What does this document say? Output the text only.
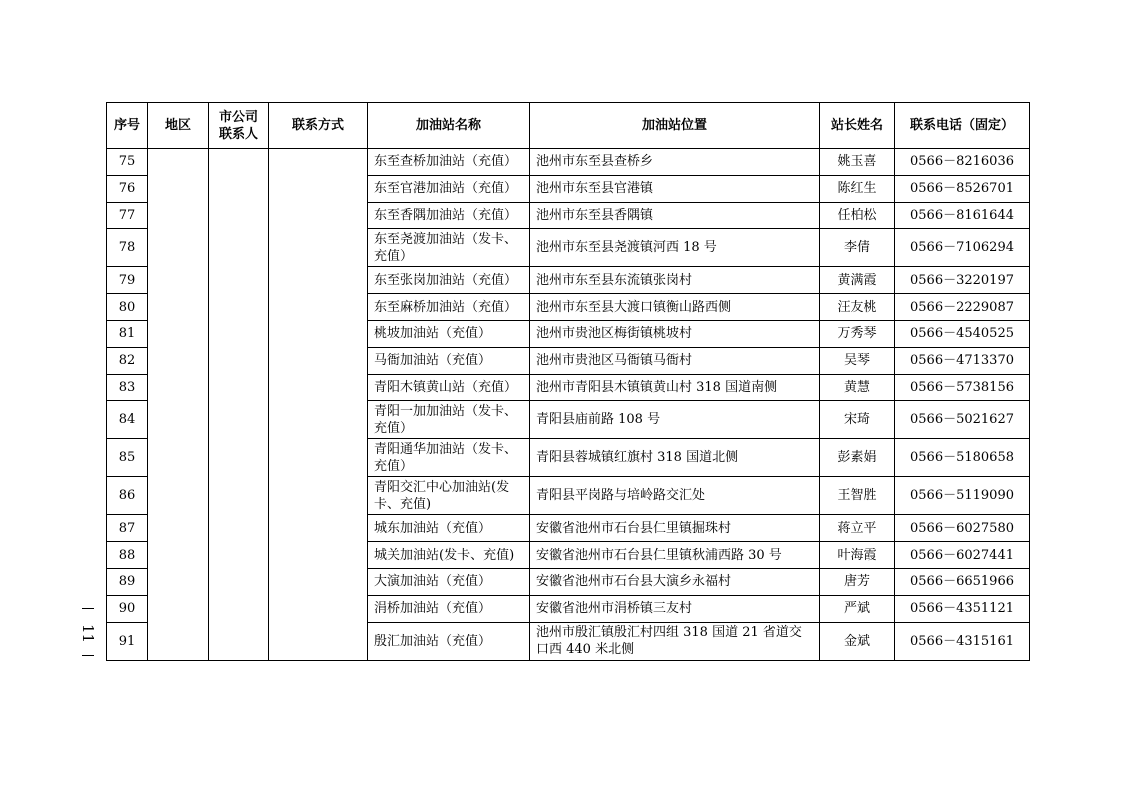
序号	地区	市公司联系人	联系方式	加油站名称	加油站位置	站长姓名	联系电话（固定）
75				东至查桥加油站（充值）	池州市东至县查桥乡	姚玉喜	0566－8216036
76				东至官港加油站（充值）	池州市东至县官港镇	陈红生	0566－8526701
77				东至香隅加油站（充值）	池州市东至县香隅镇	任柏松	0566－8161644
78				东至尧渡加油站（发卡、充值）	池州市东至县尧渡镇河西 18 号	李倩	0566－7106294
79				东至张岗加油站（充值）	池州市东至县东流镇张岗村	黄满霞	0566－3220197
80				东至麻桥加油站（充值）	池州市东至县大渡口镇衡山路西侧	汪友桃	0566－2229087
81				桃坡加油站（充值）	池州市贵池区梅街镇桃坡村	万秀琴	0566－4540525
82				马衙加油站（充值）	池州市贵池区马衙镇马衙村	吴琴	0566－4713370
83				青阳木镇黄山站（充值）	池州市青阳县木镇镇黄山村 318 国道南侧	黄慧	0566－5738156
84				青阳一加加油站（发卡、充值）	青阳县庙前路 108 号	宋琦	0566－5021627
85				青阳通华加油站（发卡、充值）	青阳县蓉城镇红旗村 318 国道北侧	彭素娟	0566－5180658
86				青阳交汇中心加油站(发卡、充值)	青阳县平岗路与培岭路交汇处	王智胜	0566－5119090
87				城东加油站（充值）	安徽省池州市石台县仁里镇掘珠村	蒋立平	0566－6027580
88				城关加油站(发卡、充值)	安徽省池州市石台县仁里镇秋浦西路 30 号	叶海霞	0566－6027441
89				大演加油站（充值）	安徽省池州市石台县大演乡永福村	唐芳	0566－6651966
90				涓桥加油站（充值）	安徽省池州市涓桥镇三友村	严斌	0566－4351121
91				殷汇加油站（充值）	池州市殷汇镇殷汇村四组 318 国道 21 省道交口西 440 米北侧	金斌	0566－4315161
11
